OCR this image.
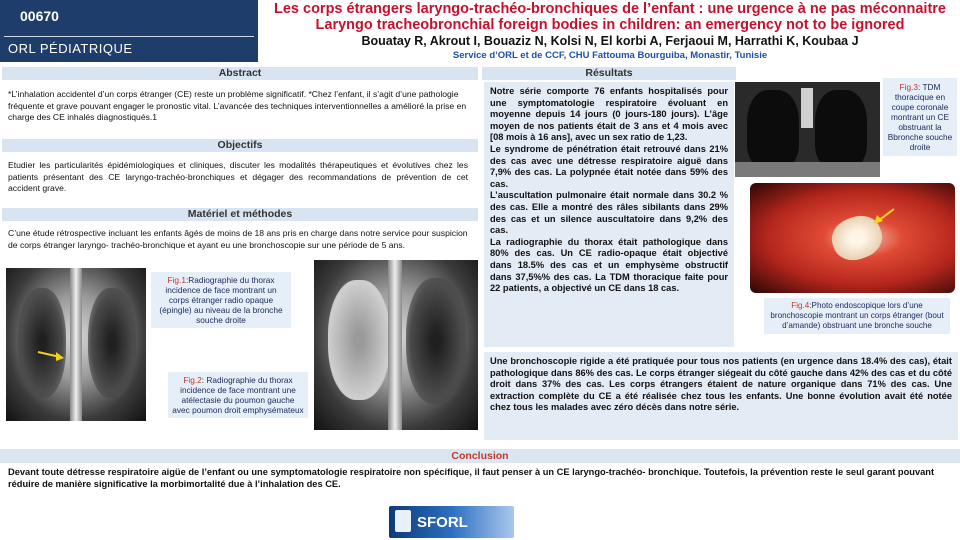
00670
ORL PÉDIATRIQUE
Les corps étrangers laryngo-trachéo-bronchiques de l’enfant : une urgence à ne pas méconnaitre
Laryngo tracheobronchial foreign bodies in children: an emergency not to be ignored
Bouatay R, Akrout I, Bouaziz N, Kolsi N, El korbi A, Ferjaoui M, Harrathi K, Koubaa J
Service d’ORL et de CCF, CHU Fattouma Bourguiba, Monastir, Tunisie
Abstract
*L’inhalation accidentel d’un corps étranger (CE) reste un problème significatif. *Chez l’enfant, il s’agit d’une pathologie fréquente et grave pouvant engager le pronostic vital. L’avancée des techniques interventionnelles a amélioré la prise en charge des CE inhalés diagnostiqués.1
Objectifs
Etudier les particularités épidémiologiques et cliniques, discuter les modalités thérapeutiques et évolutives chez les patients présentant des CE laryngo-trachéo-bronchiques et dégager des recommandations de prévention de cet accident grave.
Matériel et méthodes
C’une étude rétrospective incluant les enfants âgés de moins de 18 ans pris en charge dans notre service pour suspicion de corps étranger laryngo- trachéo-bronchique et ayant eu une bronchoscopie sur une période de 5 ans.
Fig.1:Radiographie du thorax incidence de face montrant un corps étranger radio opaque (épingle) au niveau de la bronche souche droite
Fig.2: Radiographie du thorax incidence de face montrant une atélectasie du poumon gauche avec poumon droit emphysémateux
Résultats
Notre série comporte 76 enfants hospitalisés pour une symptomatologie respiratoire évoluant en moyenne depuis 14 jours (0 jours-180 jours). L’âge moyen de nos patients était de 3 ans et 4 mois avec [08 mois à 16 ans], avec un sex ratio de 1,23.
Le syndrome de pénétration était retrouvé dans 21% des cas avec une détresse respiratoire aiguë dans 7,9% des cas. La polypnée était notée dans 59% des cas.
L’auscultation pulmonaire était normale dans 30.2 % des cas. Elle a montré des râles sibilants dans 29% des cas et un silence auscultatoire dans 9,2% des cas.
La radiographie du thorax était pathologique dans 80% des cas. Un CE radio-opaque était objectivé dans 18.5% des cas et un emphysème obstructif dans 37,5%% des cas. La TDM thoracique faite pour 22 patients, a objectivé un CE dans 18 cas.
Fig.3: TDM thoracique en coupe coronale montrant un CE obstruant la Bbronche souche droite
Fig.4:Photo endoscopique lors d’une bronchoscopie montrant un corps étranger (bout d’amande) obstruant une bronche souche
Une bronchoscopie rigide a été pratiquée pour tous nos patients (en urgence dans 18.4% des cas), était pathologique dans 86% des cas. Le corps étranger siégeait du côté gauche dans 42% des cas et du côté droit dans 37% des cas. Les corps étrangers étaient de nature organique dans 71% des cas. Une extraction complète du CE a été réalisée chez tous les enfants. Une bonne évolution avait été notée chez tous les malades avec zéro décès dans notre série.
Conclusion
Devant toute détresse respiratoire aigüe de l’enfant ou une symptomatologie respiratoire non spécifique, il faut penser à un CE laryngo-trachéo- bronchique. Toutefois, la prévention reste le seul garant pouvant réduire de manière significative la morbimortalité due à l’inhalation des CE.
SFORL
